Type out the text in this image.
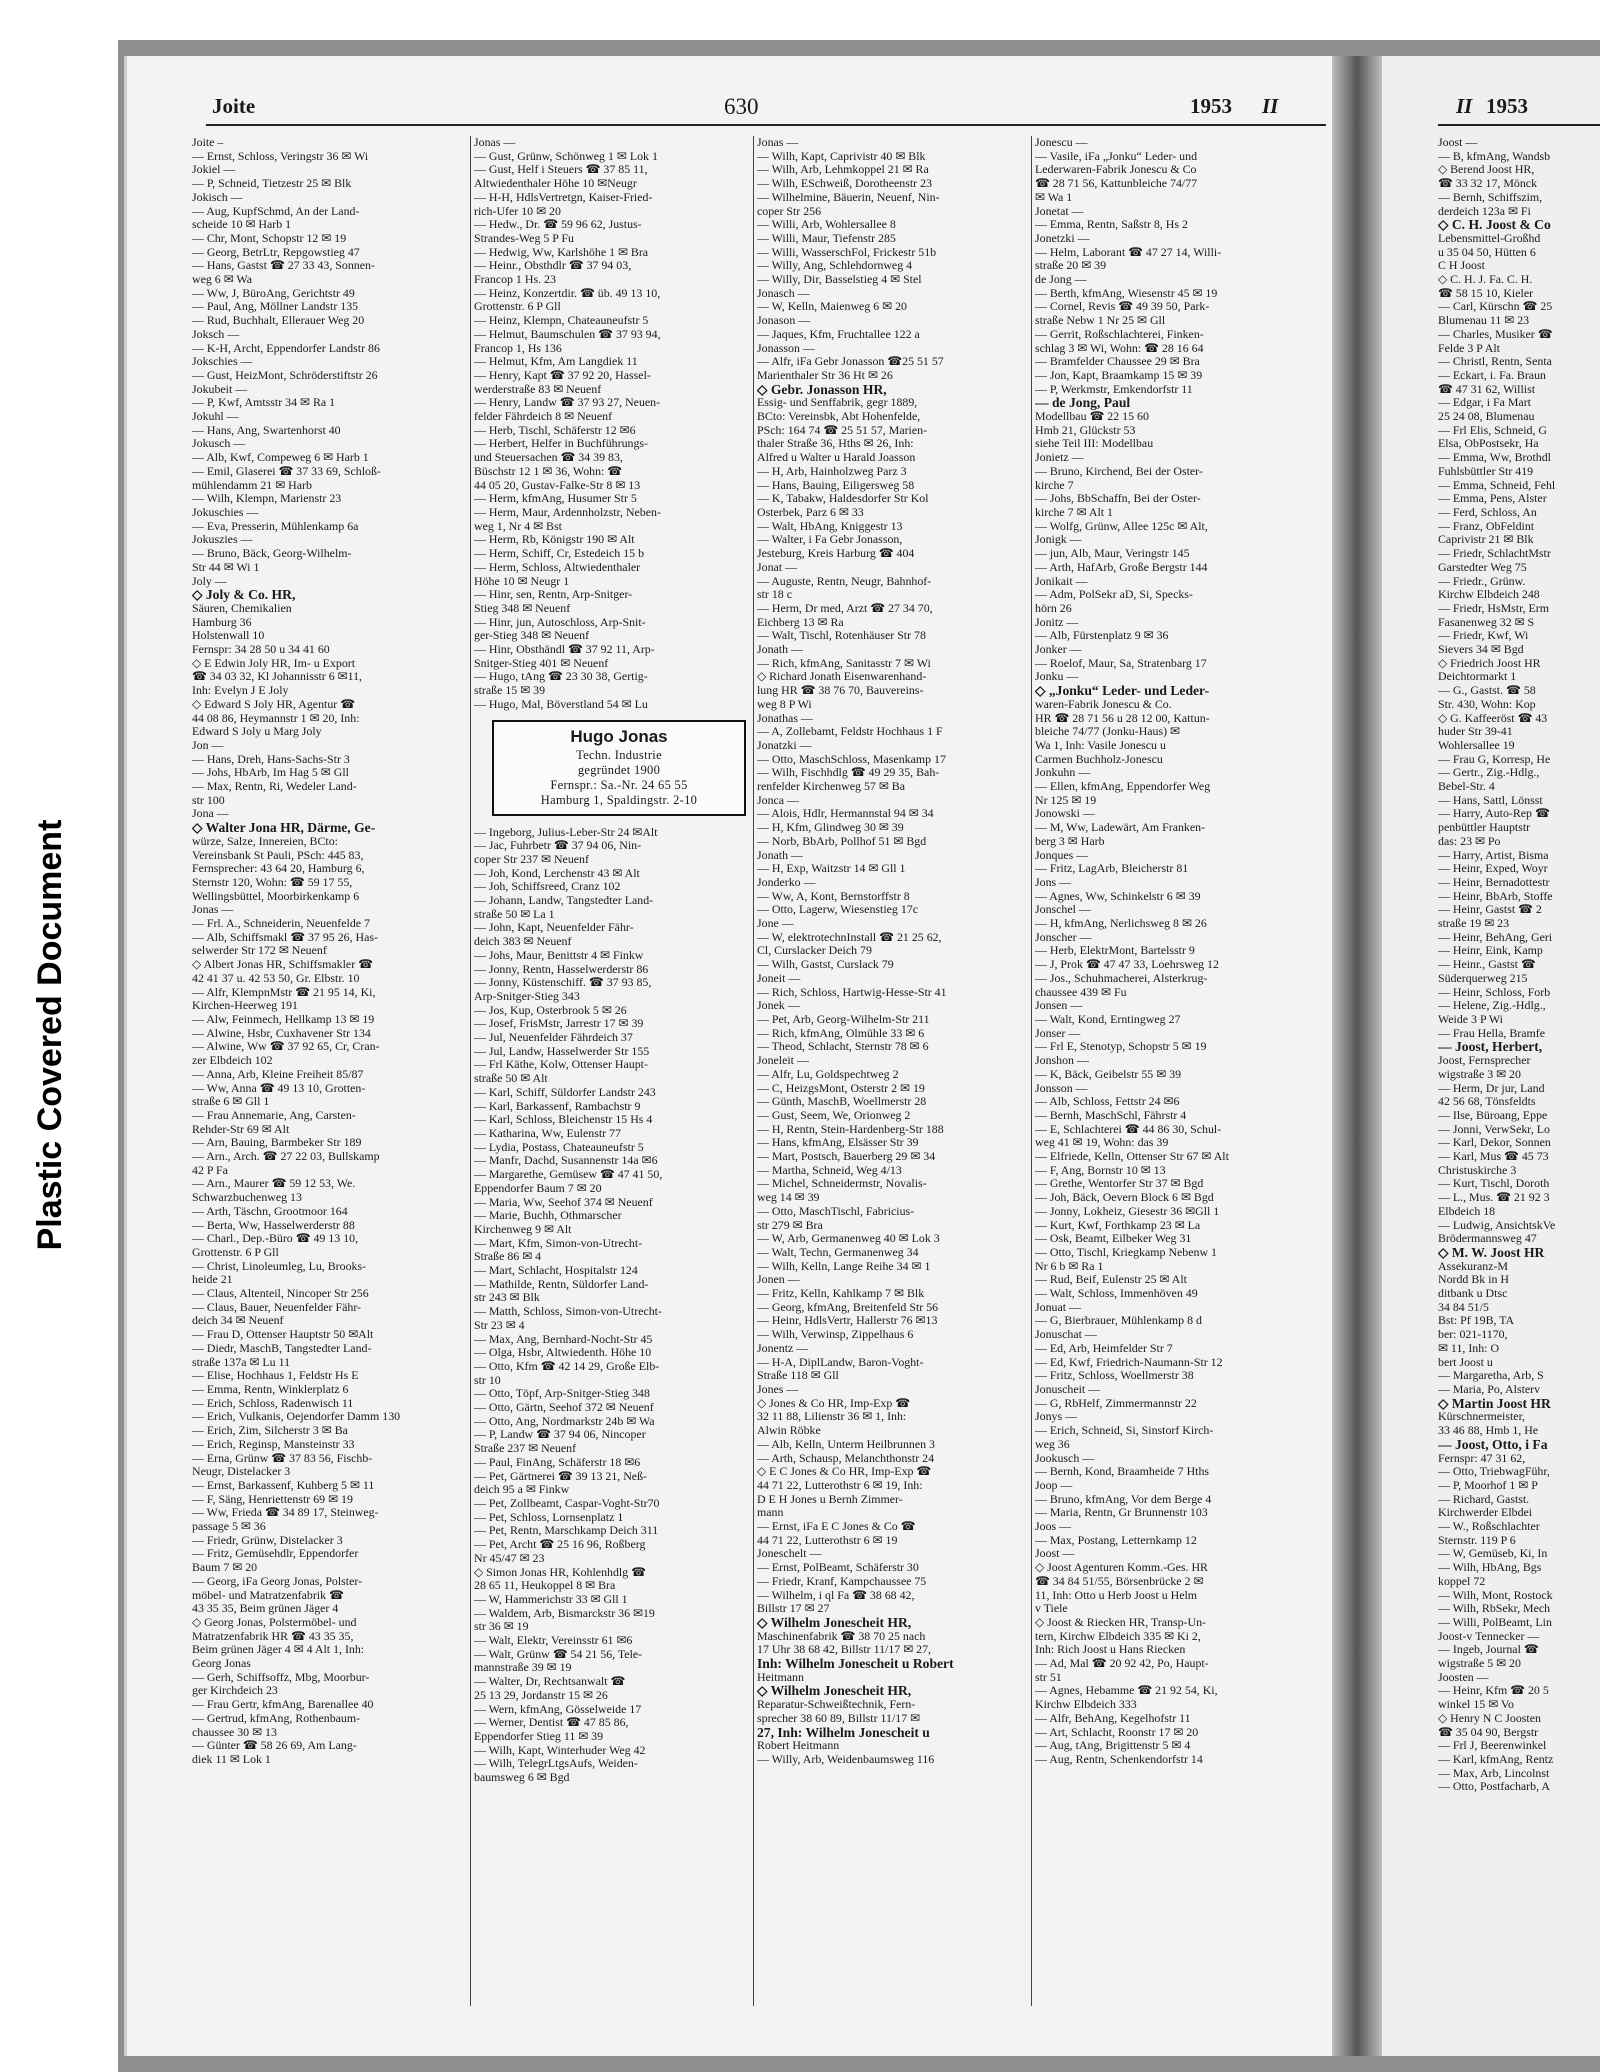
Plastic Covered Document
Joite	630	1953 II	II 1953
Joite –
— Ernst, Schloss, Veringstr 36 ✉ Wi
Jokiel —
— P, Schneid, Tietzestr 25 ✉ Blk
Jokisch —
— Aug, KupfSchmd, An der Land-
scheide 10 ✉ Harb 1
— Chr, Mont, Schopstr 12 ✉ 19
— Georg, BetrLtr, Repgowstieg 47
— Hans, Gastst ☎ 27 33 43, Sonnen-
weg 6 ✉ Wa
— Ww, J, BüroAng, Gerichtstr 49
— Paul, Ang, Möllner Landstr 135
— Rud, Buchhalt, Ellerauer Weg 20
Joksch —
— K-H, Archt, Eppendorfer Landstr 86
Jokschies —
— Gust, HeizMont, Schröderstiftstr 26
Jokubeit —
— P, Kwf, Amtsstr 34 ✉ Ra 1
Jokuhl —
— Hans, Ang, Swartenhorst 40
Jokusch —
— Alb, Kwf, Compeweg 6 ✉ Harb 1
— Emil, Glaserei ☎ 37 33 69, Schloß-
mühlendamm 21 ✉ Harb
— Wilh, Klempn, Marienstr 23
Jokuschies —
— Eva, Presserin, Mühlenkamp 6a
Jokuszies —
— Bruno, Bäck, Georg-Wilhelm-
Str 44 ✉ Wi 1
Joly —
◇ Joly & Co. HR,
Säuren, Chemikalien
Hamburg 36
Holstenwall 10
Fernspr: 34 28 50 u 34 41 60
◇ E Edwin Joly HR, Im- u Export
☎ 34 03 32, Kl Johannisstr 6 ✉11,
Inh: Evelyn J E Joly
◇ Edward S Joly HR, Agentur ☎
44 08 86, Heymannstr 1 ✉ 20, Inh:
Edward S Joly u Marg Joly
Jon —
— Hans, Dreh, Hans-Sachs-Str 3
— Johs, HbArb, Im Hag 5 ✉ Gll
— Max, Rentn, Ri, Wedeler Land-
str 100
Jona —
◇ Walter Jona HR, Därme, Ge-
würze, Salze, Innereien, BCto:
Vereinsbank St Pauli, PSch: 445 83,
Fernsprecher: 43 64 20, Hamburg 6,
Sternstr 120, Wohn: ☎ 59 17 55,
Wellingsbüttel, Moorbirkenkamp 6
Jonas —
— Frl. A., Schneiderin, Neuenfelde 7
— Alb, Schiffsmakl ☎ 37 95 26, Has-
selwerder Str 172 ✉ Neuenf
◇ Albert Jonas HR, Schiffsmakler ☎
42 41 37 u. 42 53 50, Gr. Elbstr. 10
— Alfr, KlempnMstr ☎ 21 95 14, Ki,
Kirchen-Heerweg 191
— Alw, Feinmech, Hellkamp 13 ✉ 19
— Alwine, Hsbr, Cuxhavener Str 134
— Alwine, Ww ☎ 37 92 65, Cr, Cran-
zer Elbdeich 102
— Anna, Arb, Kleine Freiheit 85/87
— Ww, Anna ☎ 49 13 10, Grotten-
straße 6 ✉ Gll 1
— Frau Annemarie, Ang, Carsten-
Rehder-Str 69 ✉ Alt
— Arn, Bauing, Barmbeker Str 189
— Arn., Arch. ☎ 27 22 03, Bullskamp
42 P Fa
— Arn., Maurer ☎ 59 12 53, We.
Schwarzbuchenweg 13
— Arth, Täschn, Grootmoor 164
— Berta, Ww, Hasselwerderstr 88
— Charl., Dep.-Büro ☎ 49 13 10,
Grottenstr. 6 P Gll
— Christ, Linoleumleg, Lu, Brooks-
heide 21
— Claus, Altenteil, Nincoper Str 256
— Claus, Bauer, Neuenfelder Fähr-
deich 34 ✉ Neuenf
— Frau D, Ottenser Hauptstr 50 ✉Alt
— Diedr, MaschB, Tangstedter Land-
straße 137a ✉ Lu 11
— Elise, Hochhaus 1, Feldstr Hs E
— Emma, Rentn, Winklerplatz 6
— Erich, Schloss, Radenwisch 11
— Erich, Vulkanis, Oejendorfer Damm 130
— Erich, Zim, Silcherstr 3 ✉ Ba
— Erich, Reginsp, Mansteinstr 33
— Erna, Grünw ☎ 37 83 56, Fischb-
Neugr, Distelacker 3
— Ernst, Barkassenf, Kuhberg 5 ✉ 11
— F, Säng, Henriettenstr 69 ✉ 19
— Ww, Frieda ☎ 34 89 17, Steinweg-
passage 5 ✉ 36
— Friedr, Grünw, Distelacker 3
— Fritz, Gemüsehdlr, Eppendorfer
Baum 7 ✉ 20
— Georg, iFa Georg Jonas, Polster-
möbel- und Matratzenfabrik ☎
43 35 35, Beim grünen Jäger 4
◇ Georg Jonas, Polstermöbel- und
Matratzenfabrik HR ☎ 43 35 35,
Beim grünen Jäger 4 ✉ 4 Alt 1, Inh:
Georg Jonas
— Gerh, Schiffsoffz, Mbg, Moorbur-
ger Kirchdeich 23
— Frau Gertr, kfmAng, Barenallee 40
— Gertrud, kfmAng, Rothenbaum-
chaussee 30 ✉ 13
— Günter ☎ 58 26 69, Am Lang-
diek 11 ✉ Lok 1
Jonas —
— Gust, Grünw, Schönweg 1 ✉ Lok 1
— Gust, Helf i Steuers ☎ 37 85 11,
Altwiedenthaler Höhe 10 ✉Neugr
— H-H, HdlsVertretgn, Kaiser-Fried-
rich-Ufer 10 ✉ 20
— Hedw., Dr. ☎ 59 96 62, Justus-
Strandes-Weg 5 P Fu
— Hedwig, Ww, Karlshöhe 1 ✉ Bra
— Heinr., Obsthdlr ☎ 37 94 03,
Francop 1 Hs. 23
— Heinz, Konzertdir. ☎ üb. 49 13 10,
Grottenstr. 6 P Gll
— Heinz, Klempn, Chateauneufstr 5
— Helmut, Baumschulen ☎ 37 93 94,
Francop 1, Hs 136
— Helmut, Kfm, Am Langdiek 11
— Henry, Kapt ☎ 37 92 20, Hassel-
werderstraße 83 ✉ Neuenf
— Henry, Landw ☎ 37 93 27, Neuen-
felder Fährdeich 8 ✉ Neuenf
— Herb, Tischl, Schäferstr 12 ✉6
— Herbert, Helfer in Buchführungs-
und Steuersachen ☎ 34 39 83,
Büschstr 12 1 ✉ 36, Wohn: ☎
44 05 20, Gustav-Falke-Str 8 ✉ 13
— Herm, kfmAng, Husumer Str 5
— Herm, Maur, Ardennholzstr, Neben-
weg 1, Nr 4 ✉ Bst
— Herm, Rb, Königstr 190 ✉ Alt
— Herm, Schiff, Cr, Estedeich 15 b
— Herm, Schloss, Altwiedenthaler
Höhe 10 ✉ Neugr 1
— Hinr, sen, Rentn, Arp-Snitger-
Stieg 348 ✉ Neuenf
— Hinr, jun, Autoschloss, Arp-Snit-
ger-Stieg 348 ✉ Neuenf
— Hinr, Obsthändl ☎ 37 92 11, Arp-
Snitger-Stieg 401 ✉ Neuenf
— Hugo, tAng ☎ 23 30 38, Gertig-
straße 15 ✉ 39
— Hugo, Mal, Böverstland 54 ✉ Lu
Hugo Jonas
Techn. Industrie
gegründet 1900
Fernspr.: Sa.-Nr. 24 65 55
Hamburg 1, Spaldingstr. 2-10
— Ingeborg, Julius-Leber-Str 24 ✉Alt
— Jac, Fuhrbetr ☎ 37 94 06, Nin-
coper Str 237 ✉ Neuenf
— Joh, Kond, Lerchenstr 43 ✉ Alt
— Joh, Schiffsreed, Cranz 102
— Johann, Landw, Tangstedter Land-
straße 50 ✉ La 1
— John, Kapt, Neuenfelder Fähr-
deich 383 ✉ Neuenf
— Johs, Maur, Benittstr 4 ✉ Finkw
— Jonny, Rentn, Hasselwerderstr 86
— Jonny, Küstenschiff. ☎ 37 93 85,
Arp-Snitger-Stieg 343
— Jos, Kup, Osterbrook 5 ✉ 26
— Josef, FrisMstr, Jarrestr 17 ✉ 39
— Jul, Neuenfelder Fährdeich 37
— Jul, Landw, Hasselwerder Str 155
— Frl Käthe, Kolw, Ottenser Haupt-
straße 50 ✉ Alt
— Karl, Schiff, Süldorfer Landstr 243
— Karl, Barkassenf, Rambachstr 9
— Karl, Schloss, Bleichenstr 15 Hs 4
— Katharina, Ww, Eulenstr 77
— Lydia, Postass, Chateauneufstr 5
— Manfr, Dachd, Susannenstr 14a ✉6
— Margarethe, Gemüsew ☎ 47 41 50,
Eppendorfer Baum 7 ✉ 20
— Maria, Ww, Seehof 374 ✉ Neuenf
— Marie, Buchh, Othmarscher
Kirchenweg 9 ✉ Alt
— Mart, Kfm, Simon-von-Utrecht-
Straße 86 ✉ 4
— Mart, Schlacht, Hospitalstr 124
— Mathilde, Rentn, Süldorfer Land-
str 243 ✉ Blk
— Matth, Schloss, Simon-von-Utrecht-
Str 23 ✉ 4
— Max, Ang, Bernhard-Nocht-Str 45
— Olga, Hsbr, Altwiedenth. Höhe 10
— Otto, Kfm ☎ 42 14 29, Große Elb-
str 10
— Otto, Töpf, Arp-Snitger-Stieg 348
— Otto, Gärtn, Seehof 372 ✉ Neuenf
— Otto, Ang, Nordmarkstr 24b ✉ Wa
— P, Landw ☎ 37 94 06, Nincoper
Straße 237 ✉ Neuenf
— Paul, FinAng, Schäferstr 18 ✉6
— Pet, Gärtnerei ☎ 39 13 21, Neß-
deich 95 a ✉ Finkw
— Pet, Zollbeamt, Caspar-Voght-Str70
— Pet, Schloss, Lornsenplatz 1
— Pet, Rentn, Marschkamp Deich 311
— Pet, Archt ☎ 25 16 96, Roßberg
Nr 45/47 ✉ 23
◇ Simon Jonas HR, Kohlenhdlg ☎
28 65 11, Heukoppel 8 ✉ Bra
— W, Hammerichstr 33 ✉ Gll 1
— Waldem, Arb, Bismarckstr 36 ✉19
str 36 ✉ 19
— Walt, Elektr, Vereinsstr 61 ✉6
— Walt, Grünw ☎ 54 21 56, Tele-
mannstraße 39 ✉ 19
— Walter, Dr, Rechtsanwalt ☎
25 13 29, Jordanstr 15 ✉ 26
— Wern, kfmAng, Gösselweide 17
— Werner, Dentist ☎ 47 85 86,
Eppendorfer Stieg 11 ✉ 39
— Wilh, Kapt, Winterhuder Weg 42
— Wilh, TelegrLtgsAufs, Weiden-
baumsweg 6 ✉ Bgd
Jonas —
— Wilh, Kapt, Caprivistr 40 ✉ Blk
— Wilh, Arb, Lehmkoppel 21 ✉ Ra
— Wilh, ESchweiß, Dorotheenstr 23
— Wilhelmine, Bäuerin, Neuenf, Nin-
coper Str 256
— Willi, Arb, Wohlersallee 8
— Willi, Maur, Tiefenstr 285
— Willi, WasserschFol, Frickestr 51b
— Willy, Ang, Schlehdornweg 4
— Willy, Dir, Basselstieg 4 ✉ Stel
Jonasch —
— W, Kelln, Maienweg 6 ✉ 20
Jonason —
— Jaques, Kfm, Fruchtallee 122 a
Jonasson —
— Alfr, iFa Gebr Jonasson ☎25 51 57
Marienthaler Str 36 Ht ✉ 26
◇ Gebr. Jonasson HR,
Essig- und Senffabrik, gegr 1889,
BCto: Vereinsbk, Abt Hohenfelde,
PSch: 164 74 ☎ 25 51 57, Marien-
thaler Straße 36, Hths ✉ 26, Inh:
Alfred u Walter u Harald Joasson
— H, Arb, Hainholzweg Parz 3
— Hans, Bauing, Eiligersweg 58
— K, Tabakw, Haldesdorfer Str Kol
Osterbek, Parz 6 ✉ 33
— Walt, HbAng, Kniggestr 13
— Walter, i Fa Gebr Jonasson,
Jesteburg, Kreis Harburg ☎ 404
Jonat —
— Auguste, Rentn, Neugr, Bahnhof-
str 18 c
— Herm, Dr med, Arzt ☎ 27 34 70,
Eichberg 13 ✉ Ra
— Walt, Tischl, Rotenhäuser Str 78
Jonath —
— Rich, kfmAng, Sanitasstr 7 ✉ Wi
◇ Richard Jonath Eisenwarenhand-
lung HR ☎ 38 76 70, Bauvereins-
weg 8 P Wi
Jonathas —
— A, Zollebamt, Feldstr Hochhaus 1 F
Jonatzki —
— Otto, MaschSchloss, Masenkamp 17
— Wilh, Fischhdlg ☎ 49 29 35, Bah-
renfelder Kirchenweg 57 ✉ Ba
Jonca —
— Alois, Hdlr, Hermannstal 94 ✉ 34
— H, Kfm, Glindweg 30 ✉ 39
— Norb, BbArb, Pollhof 51 ✉ Bgd
Jonath —
— H, Exp, Waitzstr 14 ✉ Gll 1
Jonderko —
— Ww, A, Kont, Bernstorffstr 8
— Otto, Lagerw, Wiesenstieg 17c
Jone —
— W, elektrotechnInstall ☎ 21 25 62,
Cl, Curslacker Deich 79
— Wilh, Gastst, Curslack 79
Joneit —
— Rich, Schloss, Hartwig-Hesse-Str 41
Jonek —
— Pet, Arb, Georg-Wilhelm-Str 211
— Rich, kfmAng, Olmühle 33 ✉ 6
— Theod, Schlacht, Sternstr 78 ✉ 6
Joneleit —
— Alfr, Lu, Goldspechtweg 2
— C, HeizgsMont, Osterstr 2 ✉ 19
— Günth, MaschB, Woellmerstr 28
— Gust, Seem, We, Orionweg 2
— H, Rentn, Stein-Hardenberg-Str 188
— Hans, kfmAng, Elsässer Str 39
— Mart, Postsch, Bauerberg 29 ✉ 34
— Martha, Schneid, Weg 4/13
— Michel, Schneidermstr, Novalis-
weg 14 ✉ 39
— Otto, MaschTischl, Fabricius-
str 279 ✉ Bra
— W, Arb, Germanenweg 40 ✉ Lok 3
— Walt, Techn, Germanenweg 34
— Wilh, Kelln, Lange Reihe 34 ✉ 1
Jonen —
— Fritz, Kelln, Kahlkamp 7 ✉ Blk
— Georg, kfmAng, Breitenfeld Str 56
— Heinr, HdlsVertr, Hallerstr 76 ✉13
— Wilh, Verwinsp, Zippelhaus 6
Jonentz —
— H-A, DiplLandw, Baron-Voght-
Straße 118 ✉ Gll
Jones —
◇ Jones & Co HR, Imp-Exp ☎
32 11 88, Lilienstr 36 ✉ 1, Inh:
Alwin Röbke
— Alb, Kelln, Unterm Heilbrunnen 3
— Arth, Schausp, Melanchthonstr 24
◇ E C Jones & Co HR, Imp-Exp ☎
44 71 22, Lutterothstr 6 ✉ 19, Inh:
D E H Jones u Bernh Zimmer-
mann
— Ernst, iFa E C Jones & Co ☎
44 71 22, Lutterothstr 6 ✉ 19
Joneschelt —
— Ernst, PolBeamt, Schäferstr 30
— Friedr, Kranf, Kampchaussee 75
— Wilhelm, i ql Fa ☎ 38 68 42,
Billstr 17 ✉ 27
◇ Wilhelm Jonescheit HR,
Maschinenfabrik ☎ 38 70 25 nach
17 Uhr 38 68 42, Billstr 11/17 ✉ 27,
Inh: Wilhelm Jonescheit u Robert
Heitmann
◇ Wilhelm Jonescheit HR,
Reparatur-Schweißtechnik, Fern-
sprecher 38 60 89, Billstr 11/17 ✉
27, Inh: Wilhelm Jonescheit u
Robert Heitmann
— Willy, Arb, Weidenbaumsweg 116
Jonescu —
— Vasile, iFa „Jonku“ Leder- und
Lederwaren-Fabrik Jonescu & Co
☎ 28 71 56, Kattunbleiche 74/77
✉ Wa 1
Jonetat —
— Emma, Rentn, Saßstr 8, Hs 2
Jonetzki —
— Helm, Laborant ☎ 47 27 14, Willi-
straße 20 ✉ 39
de Jong —
— Berth, kfmAng, Wiesenstr 45 ✉ 19
— Cornel, Revis ☎ 49 39 50, Park-
straße Nebw 1 Nr 25 ✉ Gll
— Gerrit, Roßschlachterei, Finken-
schlag 3 ✉ Wi, Wohn: ☎ 28 16 64
— Bramfelder Chaussee 29 ✉ Bra
— Jon, Kapt, Braamkamp 15 ✉ 39
— P, Werkmstr, Emkendorfstr 11
— de Jong, Paul
Modellbau ☎ 22 15 60
Hmb 21, Glückstr 53
siehe Teil III: Modellbau
Jonietz —
— Bruno, Kirchend, Bei der Oster-
kirche 7
— Johs, BbSchaffn, Bei der Oster-
kirche 7 ✉ Alt 1
— Wolfg, Grünw, Allee 125c ✉ Alt,
Jonigk —
— jun, Alb, Maur, Veringstr 145
— Arth, HafArb, Große Bergstr 144
Jonikait —
— Adm, PolSekr aD, Si, Specks-
hörn 26
Jonitz —
— Alb, Fürstenplatz 9 ✉ 36
Jonker —
— Roelof, Maur, Sa, Stratenbarg 17
Jonku —
◇ „Jonku“ Leder- und Leder-
waren-Fabrik Jonescu & Co.
HR ☎ 28 71 56 u 28 12 00, Kattun-
bleiche 74/77 (Jonku-Haus) ✉
Wa 1, Inh: Vasile Jonescu u
Carmen Buchholz-Jonescu
Jonkuhn —
— Ellen, kfmAng, Eppendorfer Weg
Nr 125 ✉ 19
Jonowski —
— M, Ww, Ladewärt, Am Franken-
berg 3 ✉ Harb
Jonques —
— Fritz, LagArb, Bleicherstr 81
Jons —
— Agnes, Ww, Schinkelstr 6 ✉ 39
Jonschel —
— H, kfmAng, Nerlichsweg 8 ✉ 26
Jonscher —
— Herb, ElektrMont, Bartelsstr 9
— J, Prok ☎ 47 47 33, Loehrsweg 12
— Jos., Schuhmacherei, Alsterkrug-
chaussee 439 ✉ Fu
Jonsen —
— Walt, Kond, Erntingweg 27
Jonser —
— Frl E, Stenotyp, Schopstr 5 ✉ 19
Jonshon —
— K, Bäck, Geibelstr 55 ✉ 39
Jonsson —
— Alb, Schloss, Fettstr 24 ✉6
— Bernh, MaschSchl, Fährstr 4
— E, Schlachterei ☎ 44 86 30, Schul-
weg 41 ✉ 19, Wohn: das 39
— Elfriede, Kelln, Ottenser Str 67 ✉ Alt
— F, Ang, Bornstr 10 ✉ 13
— Grethe, Wentorfer Str 37 ✉ Bgd
— Joh, Bäck, Oevern Block 6 ✉ Bgd
— Jonny, Lokheiz, Giesestr 36 ✉Gll 1
— Kurt, Kwf, Forthkamp 23 ✉ La
— Osk, Beamt, Eilbeker Weg 31
— Otto, Tischl, Kriegkamp Nebenw 1
Nr 6 b ✉ Ra 1
— Rud, Beif, Eulenstr 25 ✉ Alt
— Walt, Schloss, Immenhöven 49
Jonuat —
— G, Bierbrauer, Mühlenkamp 8 d
Jonuschat —
— Ed, Arb, Heimfelder Str 7
— Ed, Kwf, Friedrich-Naumann-Str 12
— Fritz, Schloss, Woellmerstr 38
Jonuscheit —
— G, RbHelf, Zimmermannstr 22
Jonys —
— Erich, Schneid, Si, Sinstorf Kirch-
weg 36
Jookusch —
— Bernh, Kond, Braamheide 7 Hths
Joop —
— Bruno, kfmAng, Vor dem Berge 4
— Maria, Rentn, Gr Brunnenstr 103
Joos —
— Max, Postang, Letternkamp 12
Joost —
◇ Joost Agenturen Komm.-Ges. HR
☎ 34 84 51/55, Börsenbrücke 2 ✉
11, Inh: Otto u Herb Joost u Helm
v Tiele
◇ Joost & Riecken HR, Transp-Un-
tern, Kirchw Elbdeich 335 ✉ Ki 2,
Inh: Rich Joost u Hans Riecken
— Ad, Mal ☎ 20 92 42, Po, Haupt-
str 51
— Agnes, Hebamme ☎ 21 92 54, Ki,
Kirchw Elbdeich 333
— Alfr, BehAng, Kegelhofstr 11
— Art, Schlacht, Roonstr 17 ✉ 20
— Aug, tAng, Brigittenstr 5 ✉ 4
— Aug, Rentn, Schenkendorfstr 14
Joost —
— B, kfmAng, Wandsb
◇ Berend Joost HR,
☎ 33 32 17, Mönck
— Bernh, Schiffszim,
derdeich 123a ✉ Fi
◇ C. H. Joost & Co
Lebensmittel-Großhd
u 35 04 50, Hütten 6
C H Joost
◇ C. H. J. Fa. C. H.
☎ 58 15 10, Kieler
— Carl, Kürschn ☎ 25
Blumenau 11 ✉ 23
— Charles, Musiker ☎
Felde 3 P Alt
— Christl, Rentn, Senta
— Eckart, i. Fa. Braun
☎ 47 31 62, Willist
— Edgar, i Fa Mart
25 24 08, Blumenau
— Frl Elis, Schneid, G
Elsa, ObPostsekr, Ha
— Emma, Ww, Brothdl
Fuhlsbüttler Str 419
— Emma, Schneid, Fehl
— Emma, Pens, Alster
— Ferd, Schloss, An
— Franz, ObFeldint
Caprivistr 21 ✉ Blk
— Friedr, SchlachtMstr
Garstedter Weg 75
— Friedr., Grünw.
Kirchw Elbdeich 248
— Friedr, HsMstr, Erm
Fasanenweg 32 ✉ S
— Friedr, Kwf, Wi
Sievers 34 ✉ Bgd
◇ Friedrich Joost HR
Deichtormarkt 1
— G., Gastst. ☎ 58
Str. 430, Wohn: Kop
◇ G. Kaffeeröst ☎ 43
huder Str 39-41
Wohlersallee 19
— Frau G, Korresp, He
— Gertr., Zig.-Hdlg.,
Bebel-Str. 4
— Hans, Sattl, Lönsst
— Harry, Auto-Rep ☎
penbüttler Hauptstr
das: 23 ✉ Po
— Harry, Artist, Bisma
— Heinr, Exped, Woyr
— Heinr, Bernadottestr
— Heinr, BbArb, Stoffe
— Heinr, Gastst ☎ 2
straße 19 ✉ 23
— Heinr, BehAng, Geri
— Heinr, Eink, Kamp
— Heinr., Gastst ☎
Süderquerweg 215
— Heinr, Schloss, Forb
— Helene, Zig.-Hdlg.,
Weide 3 P Wi
— Frau Hella, Bramfe
— Joost, Herbert,
Joost, Fernsprecher
wigstraße 3 ✉ 20
— Herm, Dr jur, Land
42 56 68, Tönsfeldts
— Ilse, Büroang, Eppe
— Jonni, VerwSekr, Lo
— Karl, Dekor, Sonnen
— Karl, Mus ☎ 45 73
Christuskirche 3
— Kurt, Tischl, Doroth
— L., Mus. ☎ 21 92 3
Elbdeich 18
— Ludwig, AnsichtskVe
Brödermannsweg 47
◇ M. W. Joost HR
Assekuranz-M
Nordd Bk in H
ditbank u Dtsc
34 84 51/5
Bst: Pf 19B, TA
ber: 021-1170,
✉ 11, Inh: O
bert Joost u
— Margaretha, Arb, S
— Maria, Po, Alsterv
◇ Martin Joost HR
Kürschnermeister,
33 46 88, Hmb 1, He
— Joost, Otto, i Fa
Fernspr: 47 31 62,
— Otto, TriebwagFühr,
— P, Moorhof 1 ✉ P
— Richard, Gastst.
Kirchwerder Elbdei
— W., Roßschlachter
Sternstr. 119 P 6
— W, Gemüseb, Ki, In
— Wilh, HbAng, Bgs
koppel 72
— Wilh, Mont, Rostock
— Wilh, RbSekr, Mech
— Willi, PolBeamt, Lin
Joost-v Tennecker —
— Ingeb, Journal ☎
wigstraße 5 ✉ 20
Joosten —
— Heinr, Kfm ☎ 20 5
winkel 15 ✉ Vo
◇ Henry N C Joosten
☎ 35 04 90, Bergstr
— Frl J, Beerenwinkel
— Karl, kfmAng, Rentz
— Max, Arb, Lincolnst
— Otto, Postfacharb, A
